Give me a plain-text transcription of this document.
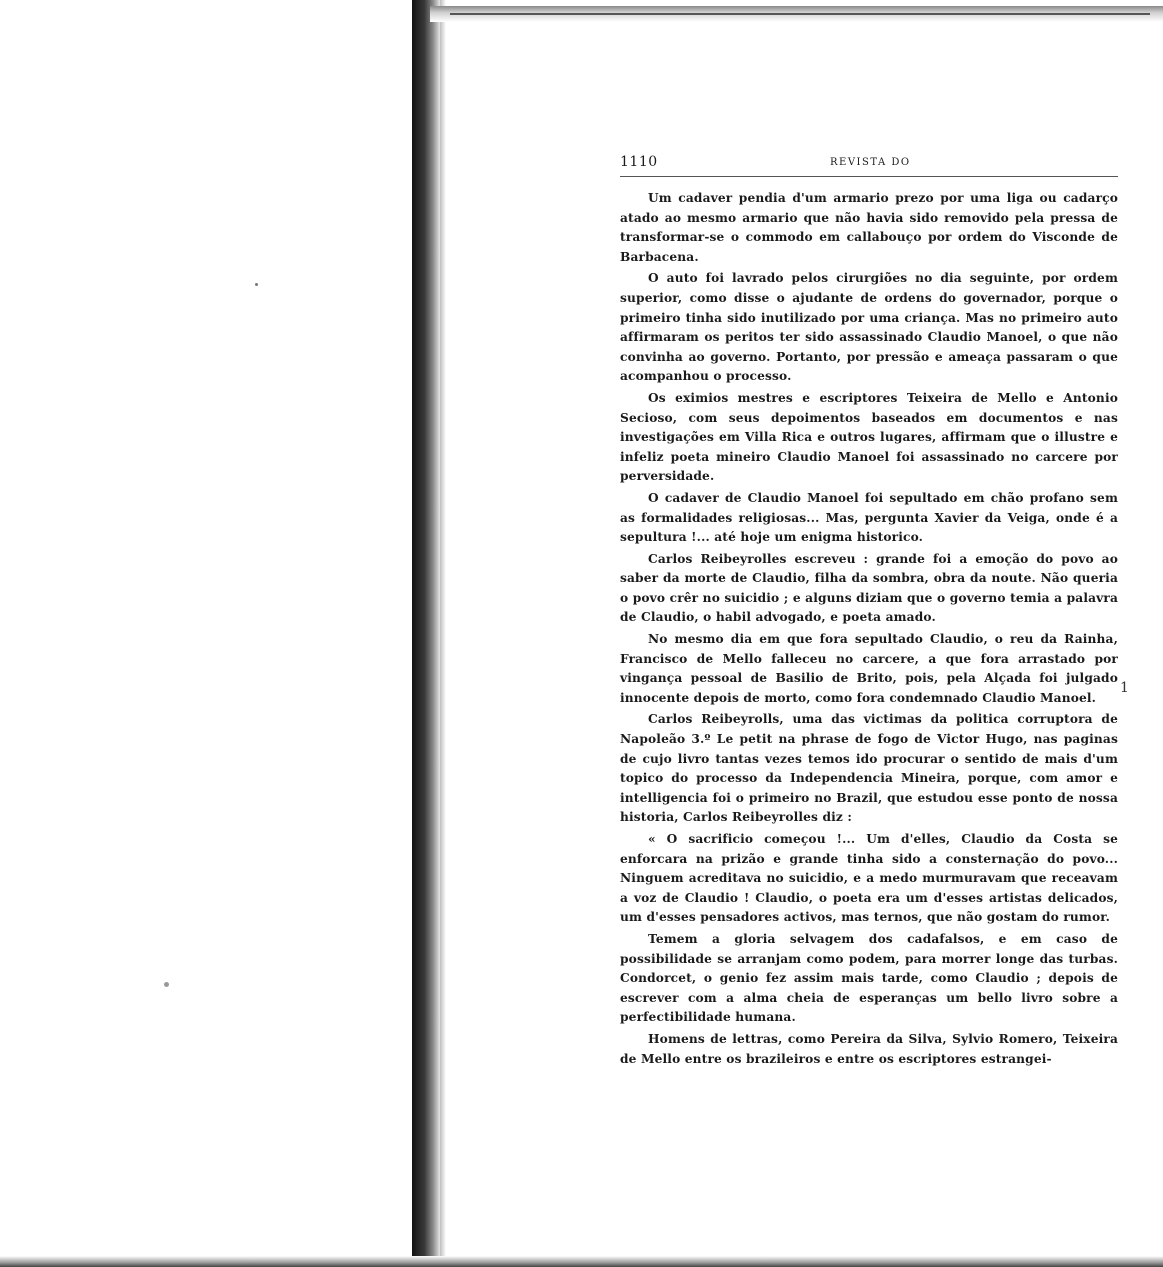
1110	REVISTA DO

Um cadaver pendia d'um armario prezo por uma liga ou cadarço atado ao mesmo armario que não havia sido removido pela pressa de transformar-se o commodo em callabouço por ordem do Visconde de Barbacena.

O auto foi lavrado pelos cirurgiões no dia seguinte, por ordem superior, como disse o ajudante de ordens do governador, porque o primeiro tinha sido inutilizado por uma criança. Mas no primeiro auto affirmaram os peritos ter sido assassinado Claudio Manoel, o que não convinha ao governo. Portanto, por pressão e ameaça passaram o que acompanhou o processo.

Os eximios mestres e escriptores Teixeira de Mello e Antonio Secioso, com seus depoimentos baseados em documentos e nas investigações em Villa Rica e outros lugares, affirmam que o illustre e infeliz poeta mineiro Claudio Manoel foi assassinado no carcere por perversidade.

O cadaver de Claudio Manoel foi sepultado em chão profano sem as formalidades religiosas... Mas, pergunta Xavier da Veiga, onde é a sepultura !... até hoje um enigma historico.

Carlos Reibeyrolles escreveu : grande foi a emoção do povo ao saber da morte de Claudio, filha da sombra, obra da noute. Não queria o povo crêr no suicidio ; e alguns diziam que o governo temia a palavra de Claudio, o habil advogado, e poeta amado.

No mesmo dia em que fora sepultado Claudio, o reu da Rainha, Francisco de Mello falleceu no carcere, a que fora arrastado por vingança pessoal de Basilio de Brito, pois, pela Alçada foi julgado innocente depois de morto, como fora condemnado Claudio Manoel.

Carlos Reibeyrolls, uma das victimas da politica corruptora de Napoleão 3.º Le petit na phrase de fogo de Victor Hugo, nas paginas de cujo livro tantas vezes temos ido procurar o sentido de mais d'um topico do processo da Independencia Mineira, porque, com amor e intelligencia foi o primeiro no Brazil, que estudou esse ponto de nossa historia, Carlos Reibeyrolles diz :

« O sacrificio começou !... Um d'elles, Claudio da Costa se enforcara na prizão e grande tinha sido a consternação do povo... Ninguem acreditava no suicidio, e a medo murmuravam que receavam a voz de Claudio ! Claudio, o poeta era um d'esses artistas delicados, um d'esses pensadores activos, mas ternos, que não gostam do rumor.

Temem a gloria selvagem dos cadafalsos, e em caso de possibilidade se arranjam como podem, para morrer longe das turbas. Condorcet, o genio fez assim mais tarde, como Claudio ; depois de escrever com a alma cheia de esperanças um bello livro sobre a perfectibilidade humana.

Homens de lettras, como Pereira da Silva, Sylvio Romero, Teixeira de Mello entre os brazileiros e entre os escriptores estrangei-

1
